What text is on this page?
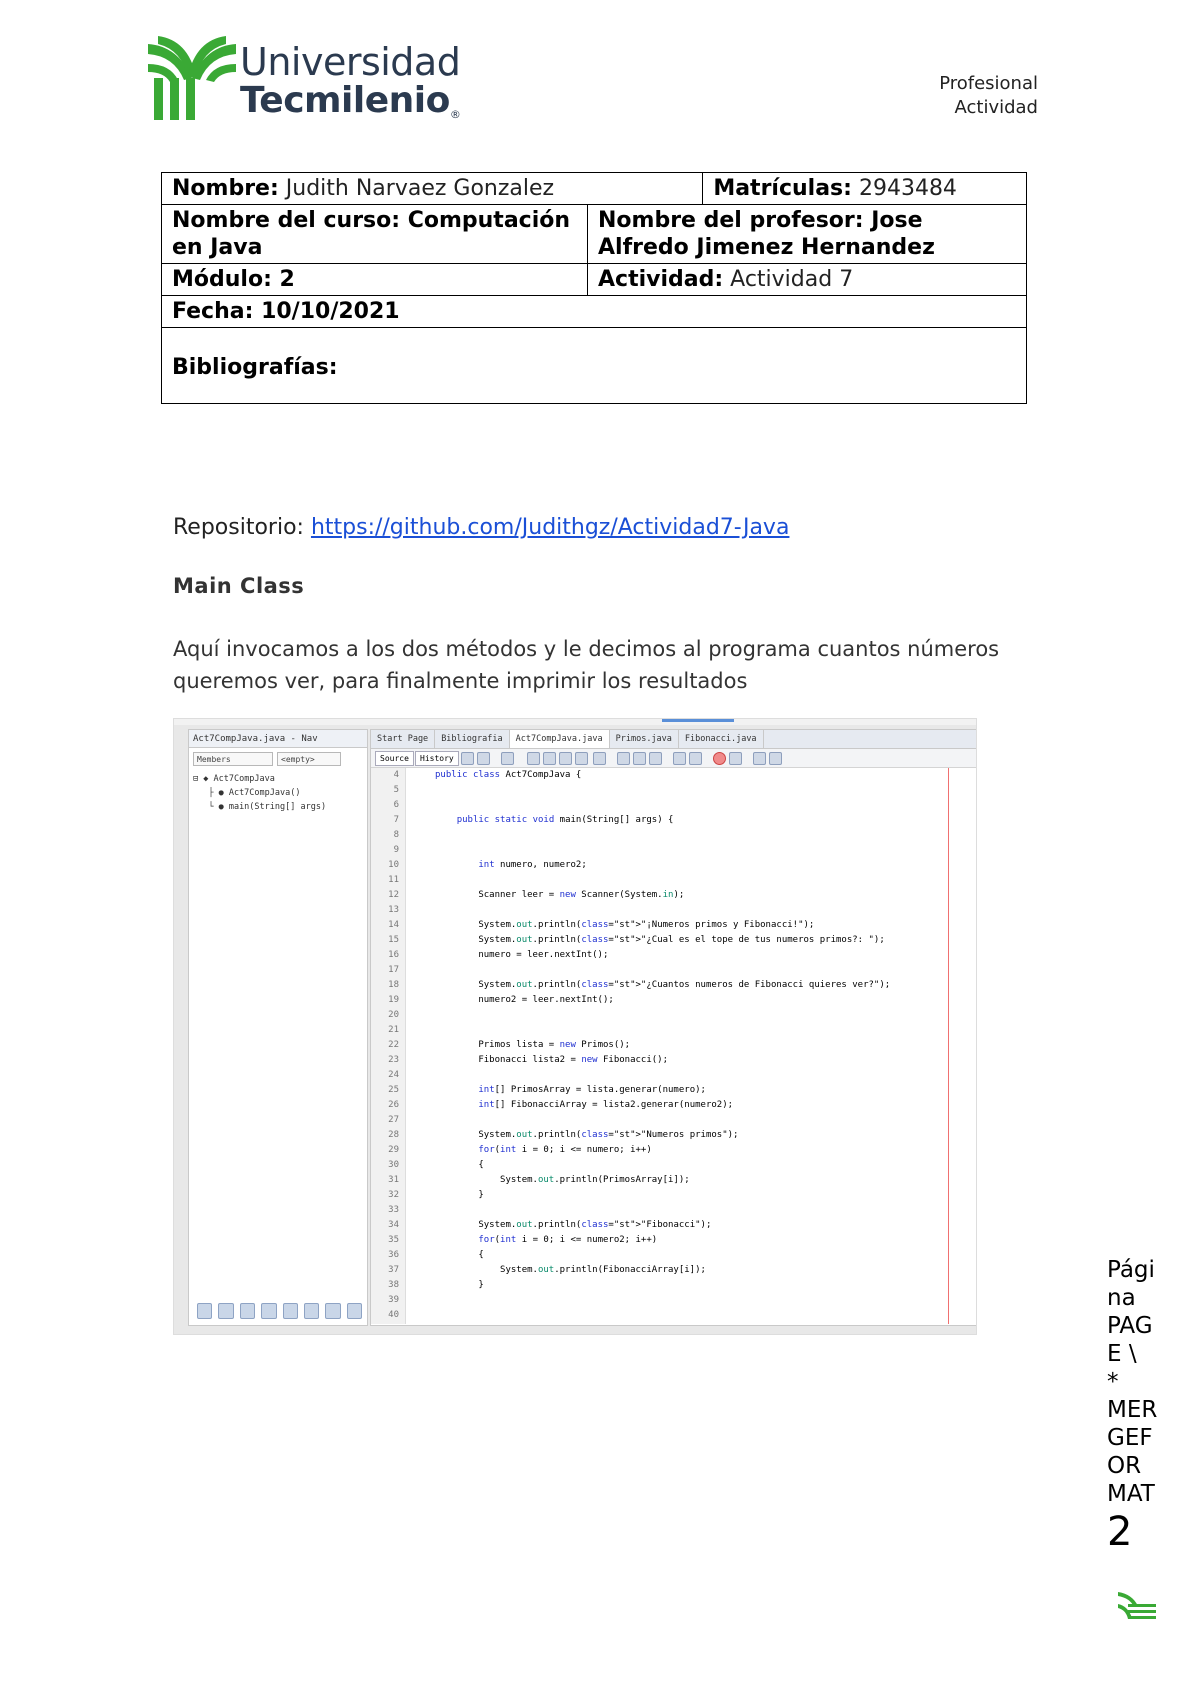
Universidad
Tecmilenio®
Profesional
Actividad
Nombre: Judith Narvaez Gonzalez		Matrículas: 2943484
Nombre del curso: Computación en Java	Nombre del profesor: Jose Alfredo Jimenez Hernandez	
Módulo: 2	Actividad: Actividad 7	
Fecha: 10/10/2021		
Bibliografías:		
Repositorio: https://github.com/Judithgz/Actividad7-Java
Main Class
Aquí invocamos a los dos métodos y le decimos al programa cuantos números queremos ver, para finalmente imprimir los resultados
Act7CompJava.java - Nav
Members	<empty>
⊟ ◆ Act7CompJava
├ ● Act7CompJava()
└ ● main(String[] args)
Start Page	Bibliografia	Act7CompJava.java	Primos.java	Fibonacci.java
Source	History
4	public class Act7CompJava {
5
6
7	public static void main(String[] args) {
8
9
10	int numero, numero2;
11
12	Scanner leer = new Scanner(System.in);
13
14	System.out.println(class="st">"¡Numeros primos y Fibonacci!");
15	System.out.println(class="st">"¿Cual es el tope de tus numeros primos?: ");
16	numero = leer.nextInt();
17
18	System.out.println(class="st">"¿Cuantos numeros de Fibonacci quieres ver?");
19	numero2 = leer.nextInt();
20
21
22	Primos lista = new Primos();
23	Fibonacci lista2 = new Fibonacci();
24
25	int[] PrimosArray = lista.generar(numero);
26	int[] FibonacciArray = lista2.generar(numero2);
27
28	System.out.println(class="st">"Numeros primos");
29	for(int i = 0; i <= numero; i++)
30	{
31	System.out.println(PrimosArray[i]);
32	}
33
34	System.out.println(class="st">"Fibonacci");
35	for(int i = 0; i <= numero2; i++)
36	{
37	System.out.println(FibonacciArray[i]);
38	}
39
40
Pági
na
PAG
E \
*
MER
GEF
OR
MAT
2
